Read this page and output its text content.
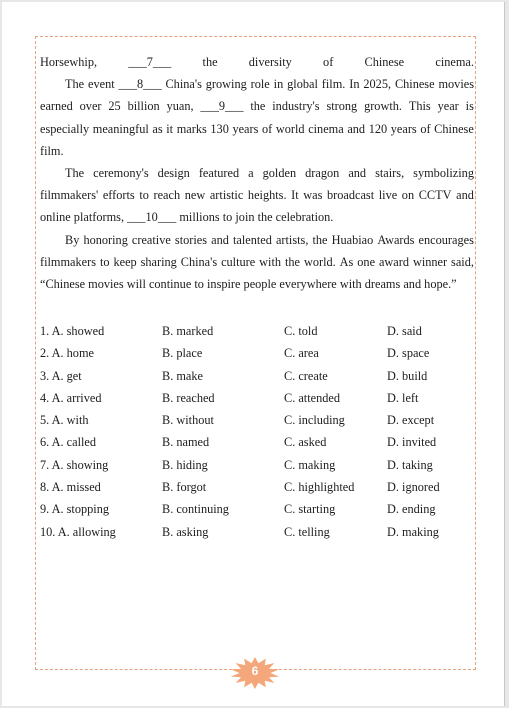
Horsewhip,	___7___	the	diversity	of	Chinese	cinema.
The event ___8___ China's growing role in global film. In 2025, Chinese movies
earned over 25 billion yuan, ___9___ the industry's strong growth. This year is
especially meaningful as it marks 130 years of world cinema and 120 years of Chinese
film.
The ceremony's design featured a golden dragon and stairs, symbolizing
filmmakers' efforts to reach new artistic heights. It was broadcast live on CCTV and
online platforms, ___10___ millions to join the celebration.
By honoring creative stories and talented artists, the Huabiao Awards encourages
filmmakers to keep sharing China's culture with the world. As one award winner said,
“Chinese movies will continue to inspire people everywhere with dreams and hope.”
1. A. showed	B. marked	C. told	D. said
2. A. home	B. place	C. area	D. space
3. A. get	B. make	C. create	D. build
4. A. arrived	B. reached	C. attended	D. left
5. A. with	B. without	C. including	D. except
6. A. called	B. named	C. asked	D. invited
7. A. showing	B. hiding	C. making	D. taking
8. A. missed	B. forgot	C. highlighted	D. ignored
9. A. stopping	B. continuing	C. starting	D. ending
10. A. allowing	B. asking	C. telling	D. making
6
